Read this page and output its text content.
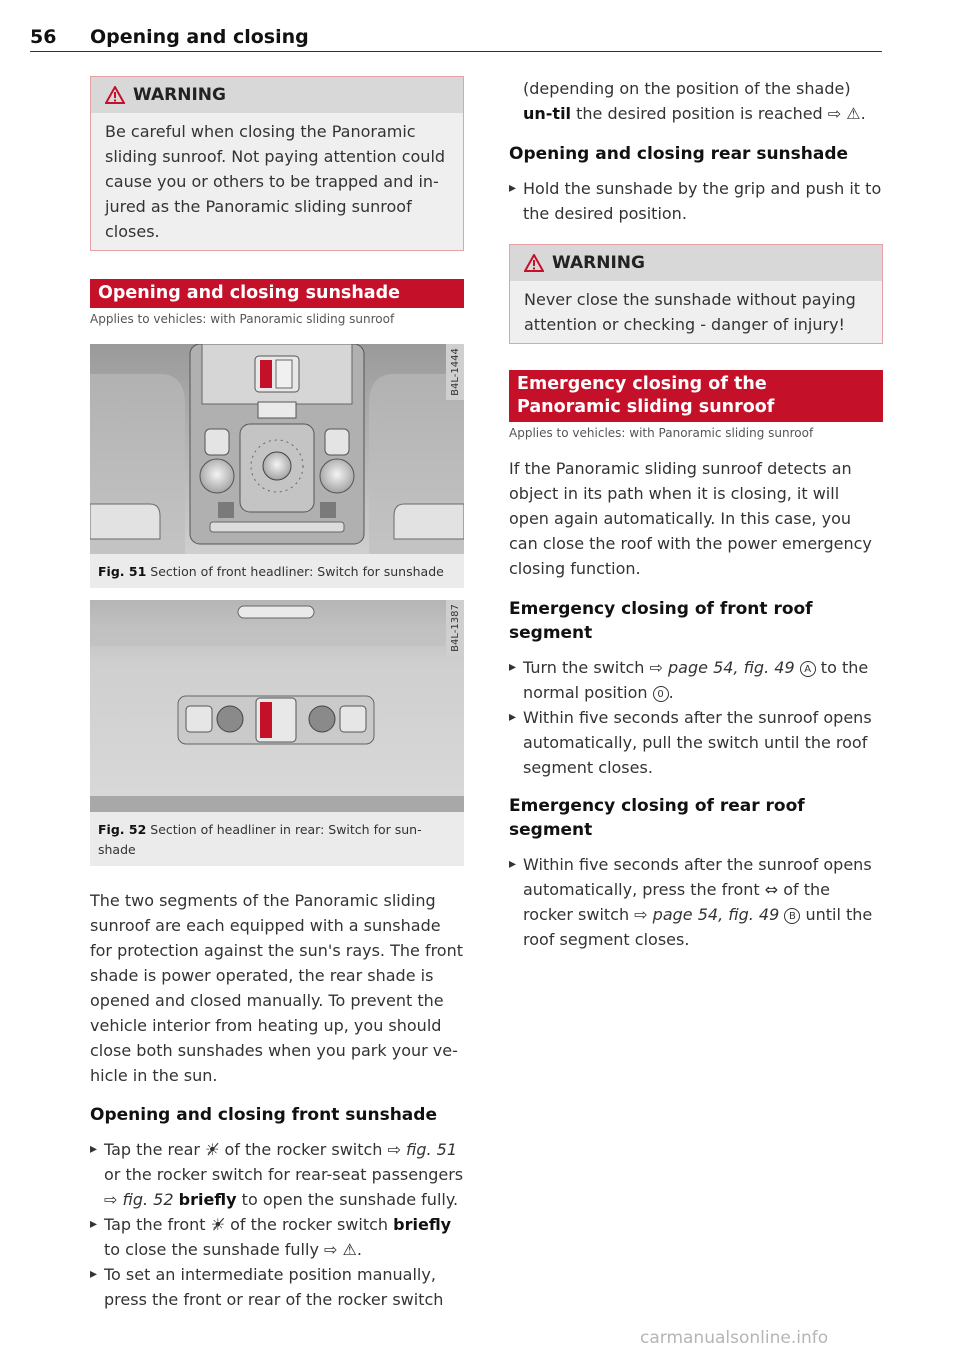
56 Opening and closing
WARNING
Be careful when closing the Panoramic sliding sunroof. Not paying attention could cause you or others to be trapped and in-jured as the Panoramic sliding sunroof closes.
Opening and closing sunshade
Applies to vehicles: with Panoramic sliding sunroof
B4L-1444
Fig. 51 Section of front headliner: Switch for sunshade
B4L-1387
Fig. 52 Section of headliner in rear: Switch for sun-shade
The two segments of the Panoramic sliding sunroof are each equipped with a sunshade for protection against the sun's rays. The front shade is power operated, the rear shade is opened and closed manually. To prevent the vehicle interior from heating up, you should close both sunshades when you park your ve-hicle in the sun.
Opening and closing front sunshade
▸ Tap the rear ☀̸ of the rocker switch ⇨ fig. 51 or the rocker switch for rear-seat passengers ⇨ fig. 52 briefly to open the sunshade fully.
▸ Tap the front ☀̸ of the rocker switch briefly to close the sunshade fully ⇨ ⚠.
▸ To set an intermediate position manually, press the front or rear of the rocker switch
(depending on the position of the shade) un-til the desired position is reached ⇨ ⚠.
Opening and closing rear sunshade
▸ Hold the sunshade by the grip and push it to the desired position.
WARNING
Never close the sunshade without paying attention or checking - danger of injury!
Emergency closing of the Panoramic sliding sunroof
Applies to vehicles: with Panoramic sliding sunroof
If the Panoramic sliding sunroof detects an object in its path when it is closing, it will open again automatically. In this case, you can close the roof with the power emergency closing function.
Emergency closing of front roof segment
▸ Turn the switch ⇨ page 54, fig. 49 A to the normal position 0 .
▸ Within five seconds after the sunroof opens automatically, pull the switch until the roof segment closes.
Emergency closing of rear roof segment
▸ Within five seconds after the sunroof opens automatically, press the front ⇔ of the rocker switch ⇨ page 54, fig. 49 B until the roof segment closes.
carmanualsonline.info
